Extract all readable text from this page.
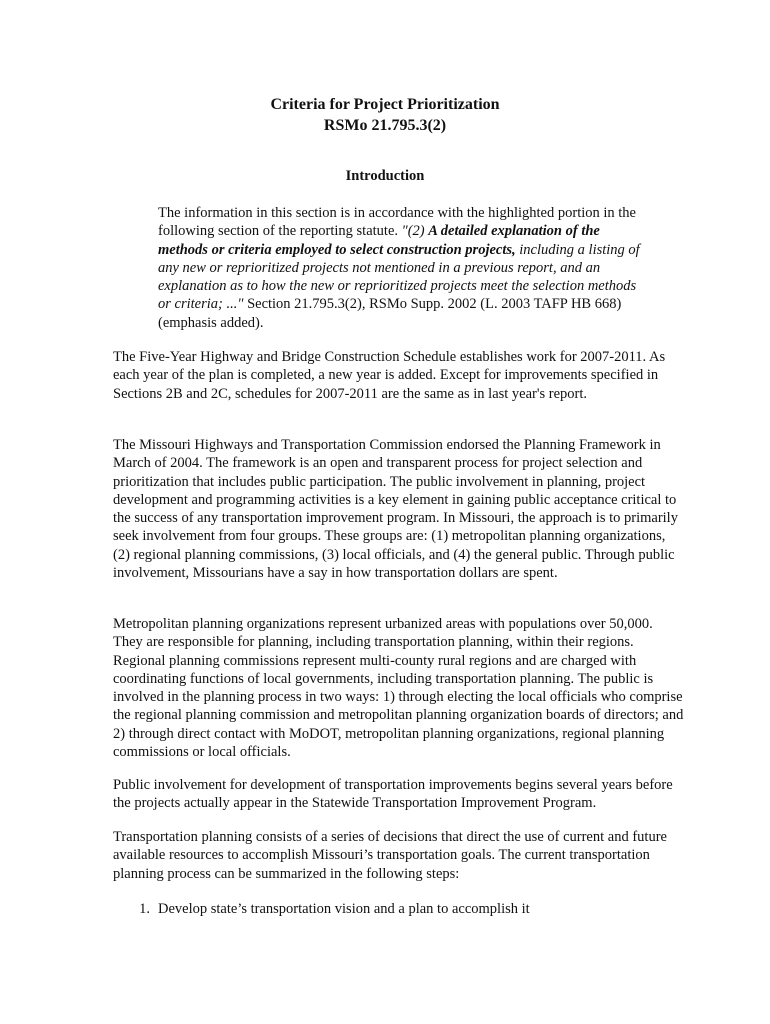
Criteria for Project Prioritization
RSMo 21.795.3(2)
Introduction

The information in this section is in accordance with the highlighted portion in the following section of the reporting statute. "(2) A detailed explanation of the methods or criteria employed to select construction projects, including a listing of any new or reprioritized projects not mentioned in a previous report, and an explanation as to how the new or reprioritized projects meet the selection methods or criteria; ..." Section 21.795.3(2), RSMo Supp. 2002 (L. 2003 TAFP HB 668) (emphasis added).

The Five-Year Highway and Bridge Construction Schedule establishes work for 2007-2011. As each year of the plan is completed, a new year is added. Except for improvements specified in Sections 2B and 2C, schedules for 2007-2011 are the same as in last year's report.

The Missouri Highways and Transportation Commission endorsed the Planning Framework in March of 2004. The framework is an open and transparent process for project selection and prioritization that includes public participation. The public involvement in planning, project development and programming activities is a key element in gaining public acceptance critical to the success of any transportation improvement program. In Missouri, the approach is to primarily seek involvement from four groups. These groups are: (1) metropolitan planning organizations, (2) regional planning commissions, (3) local officials, and (4) the general public. Through public involvement, Missourians have a say in how transportation dollars are spent.

Metropolitan planning organizations represent urbanized areas with populations over 50,000. They are responsible for planning, including transportation planning, within their regions. Regional planning commissions represent multi-county rural regions and are charged with coordinating functions of local governments, including transportation planning. The public is involved in the planning process in two ways: 1) through electing the local officials who comprise the regional planning commission and metropolitan planning organization boards of directors; and 2) through direct contact with MoDOT, metropolitan planning organizations, regional planning commissions or local officials.

Public involvement for development of transportation improvements begins several years before the projects actually appear in the Statewide Transportation Improvement Program.

Transportation planning consists of a series of decisions that direct the use of current and future available resources to accomplish Missouri’s transportation goals. The current transportation planning process can be summarized in the following steps:

1. Develop state’s transportation vision and a plan to accomplish it
